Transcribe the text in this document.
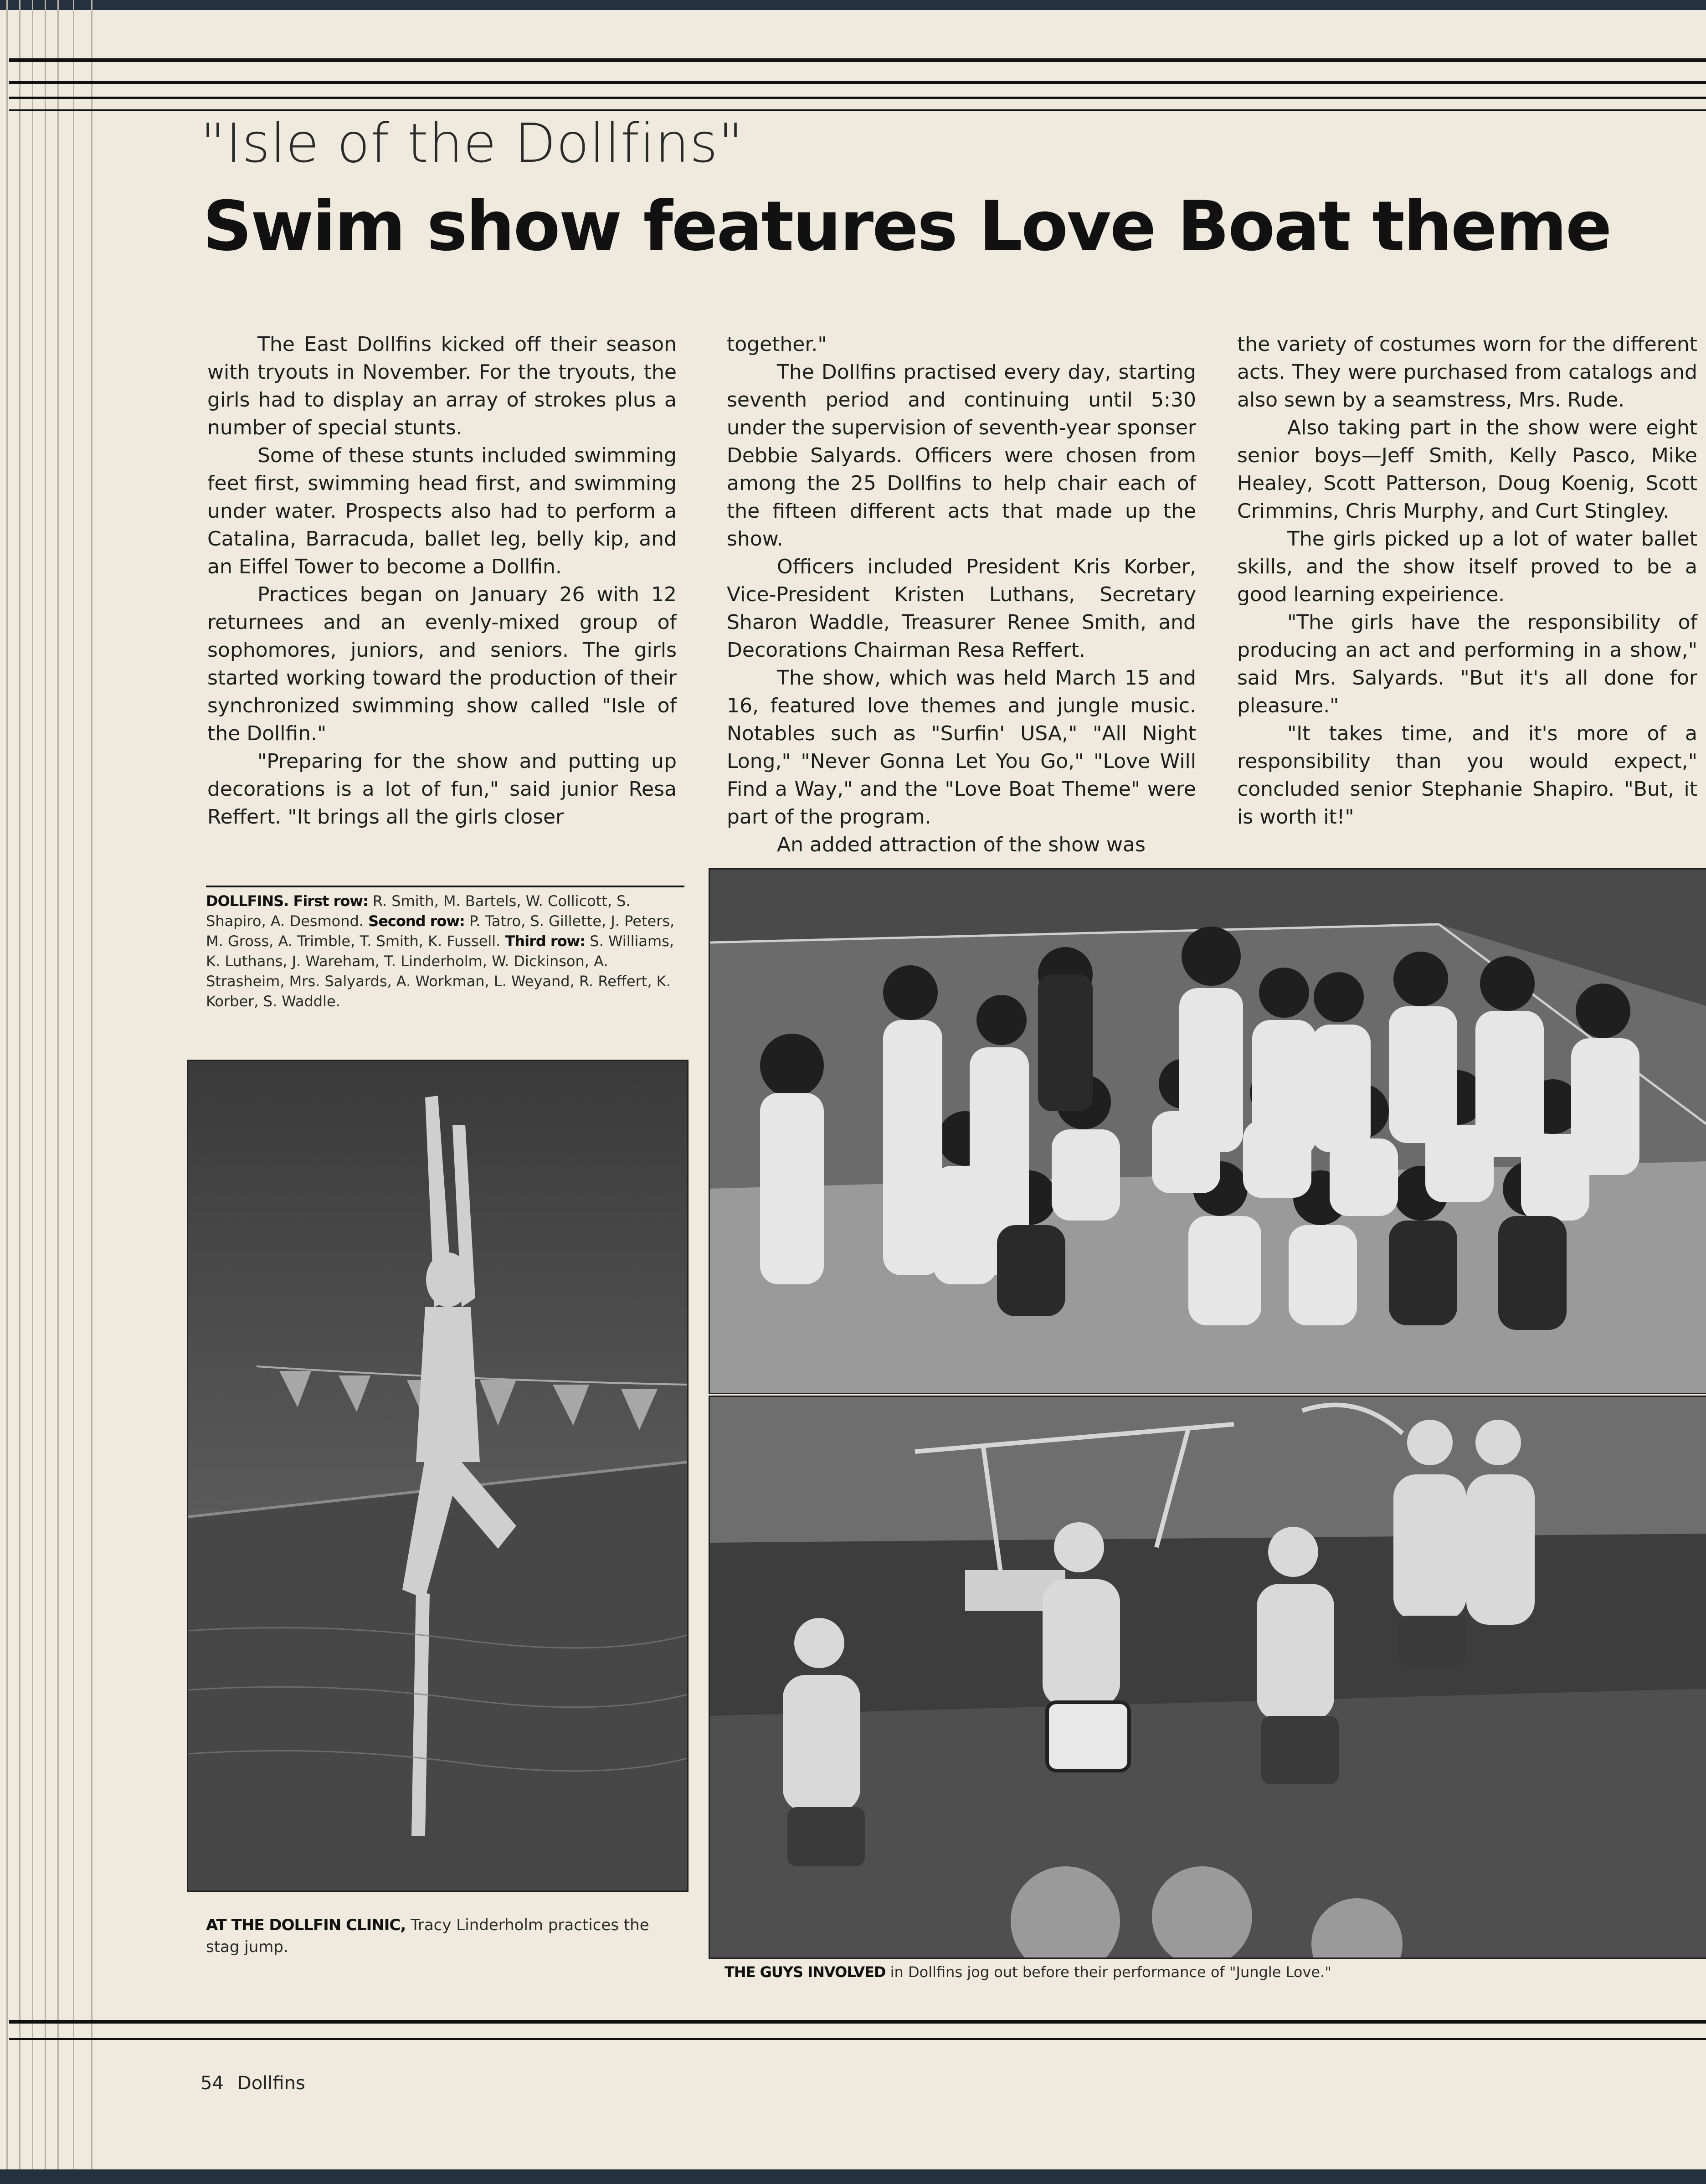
"Isle of the Dollfins"
Swim show features Love Boat theme

The East Dollfins kicked off their season with tryouts in November. For the tryouts, the girls had to display an array of strokes plus a number of special stunts.

Some of these stunts included swimming feet first, swimming head first, and swimming under water. Prospects also had to perform a Catalina, Barracuda, ballet leg, belly kip, and an Eiffel Tower to become a Dollfin.

Practices began on January 26 with 12 returnees and an evenly-mixed group of sophomores, juniors, and seniors. The girls started working toward the production of their synchronized swimming show called "Isle of the Dollfin."

"Preparing for the show and putting up decorations is a lot of fun," said junior Resa Reffert. "It brings all the girls closer

together."

The Dollfins practised every day, starting seventh period and continuing until 5:30 under the supervision of seventh-year sponser Debbie Salyards. Officers were chosen from among the 25 Dollfins to help chair each of the fifteen different acts that made up the show.

Officers included President Kris Korber, Vice-President Kristen Luthans, Secretary Sharon Waddle, Treasurer Renee Smith, and Decorations Chairman Resa Reffert.

The show, which was held March 15 and 16, featured love themes and jungle music. Notables such as "Surfin' USA," "All Night Long," "Never Gonna Let You Go," "Love Will Find a Way," and the "Love Boat Theme" were part of the program.

An added attraction of the show was

the variety of costumes worn for the different acts. They were purchased from catalogs and also sewn by a seamstress, Mrs. Rude.

Also taking part in the show were eight senior boys—Jeff Smith, Kelly Pasco, Mike Healey, Scott Patterson, Doug Koenig, Scott Crimmins, Chris Murphy, and Curt Stingley.

The girls picked up a lot of water ballet skills, and the show itself proved to be a good learning expeirience.

"The girls have the responsibility of producing an act and performing in a show," said Mrs. Salyards. "But it's all done for pleasure."

"It takes time, and it's more of a responsibility than you would expect," concluded senior Stephanie Shapiro. "But, it is worth it!"

DOLLFINS. First row: R. Smith, M. Bartels, W. Collicott, S. Shapiro, A. Desmond. Second row: P. Tatro, S. Gillette, J. Peters, M. Gross, A. Trimble, T. Smith, K. Fussell. Third row: S. Williams, K. Luthans, J. Wareham, T. Linderholm, W. Dickinson, A. Strasheim, Mrs. Salyards, A. Workman, L. Weyand, R. Reffert, K. Korber, S. Waddle.
AT THE DOLLFIN CLINIC, Tracy Linderholm practices the stag jump.
THE GUYS INVOLVED in Dollfins jog out before their performance of "Jungle Love."
54 Dollfins
